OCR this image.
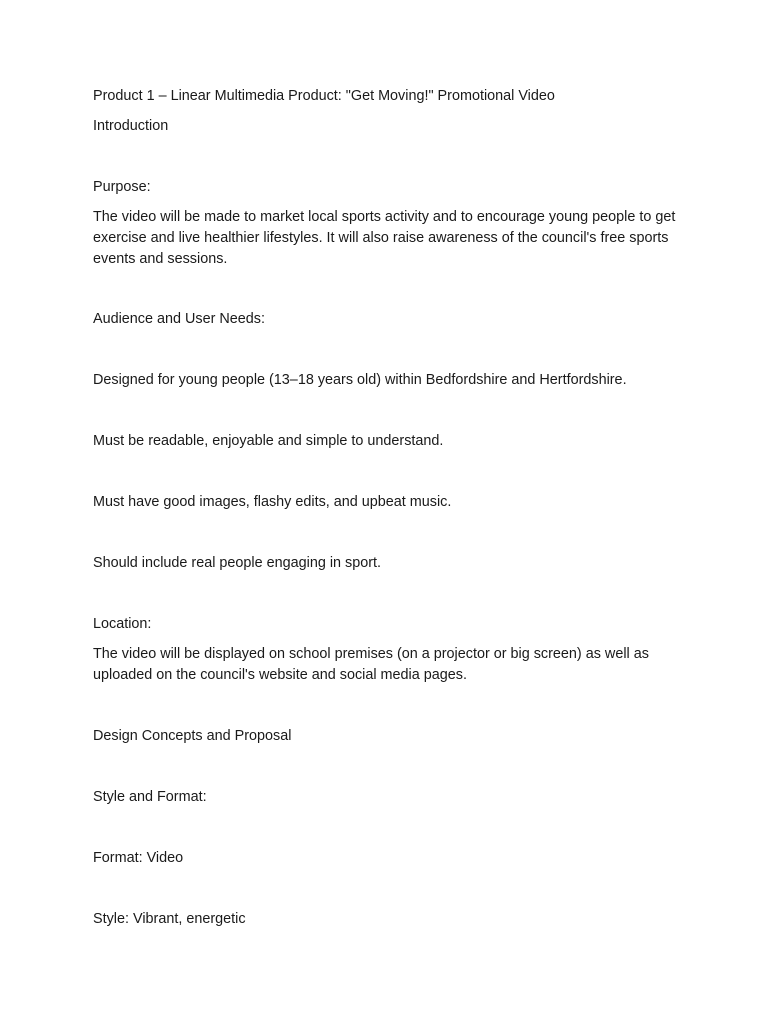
Product 1 – Linear Multimedia Product: "Get Moving!" Promotional Video
Introduction
Purpose:
The video will be made to market local sports activity and to encourage young people to get exercise and live healthier lifestyles. It will also raise awareness of the council's free sports events and sessions.
Audience and User Needs:
Designed for young people (13–18 years old) within Bedfordshire and Hertfordshire.
Must be readable, enjoyable and simple to understand.
Must have good images, flashy edits, and upbeat music.
Should include real people engaging in sport.
Location:
The video will be displayed on school premises (on a projector or big screen) as well as uploaded on the council's website and social media pages.
Design Concepts and Proposal
Style and Format:
Format: Video
Style: Vibrant, energetic
